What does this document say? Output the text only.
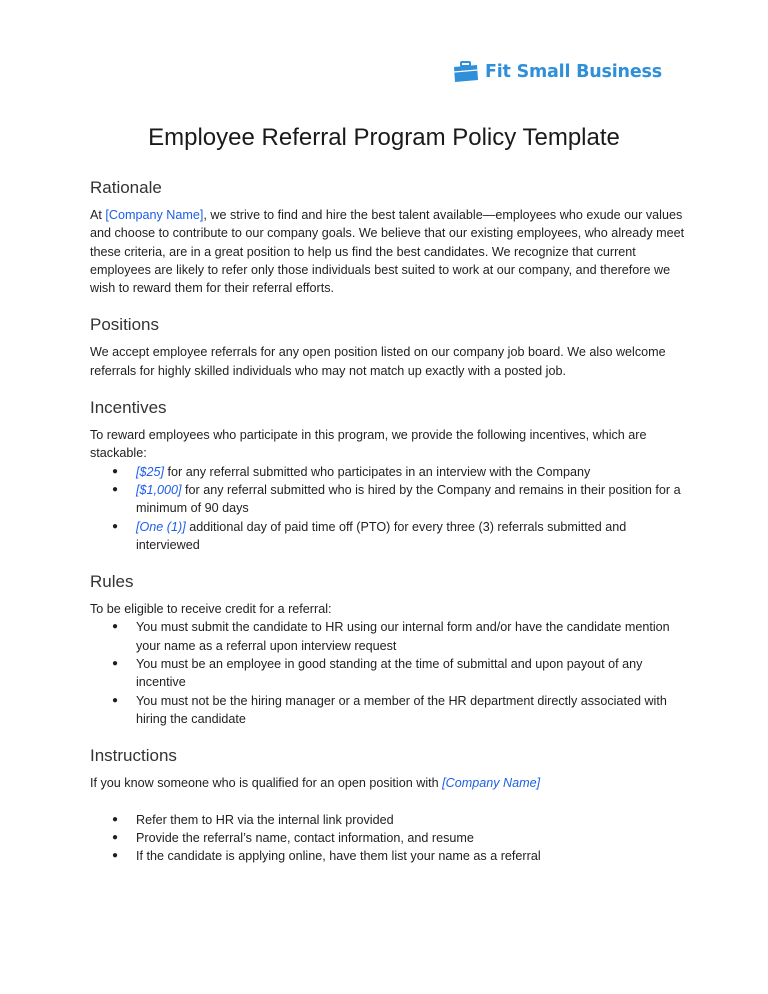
Fit Small Business
Employee Referral Program Policy Template
Rationale

At [Company Name], we strive to find and hire the best talent available—employees who exude our values and choose to contribute to our company goals. We believe that our existing employees, who already meet these criteria, are in a great position to help us find the best candidates. We recognize that current employees are likely to refer only those individuals best suited to work at our company, and therefore we wish to reward them for their referral efforts.

Positions

We accept employee referrals for any open position listed on our company job board. We also welcome referrals for highly skilled individuals who may not match up exactly with a posted job.

Incentives

To reward employees who participate in this program, we provide the following incentives, which are stackable:

● [$25] for any referral submitted who participates in an interview with the Company
● [$1,000] for any referral submitted who is hired by the Company and remains in their position for a minimum of 90 days
● [One (1)] additional day of paid time off (PTO) for every three (3) referrals submitted and interviewed
Rules

To be eligible to receive credit for a referral:

● You must submit the candidate to HR using our internal form and/or have the candidate mention your name as a referral upon interview request
● You must be an employee in good standing at the time of submittal and upon payout of any incentive
● You must not be the hiring manager or a member of the HR department directly associated with hiring the candidate
Instructions

If you know someone who is qualified for an open position with [Company Name]

● Refer them to HR via the internal link provided
● Provide the referral’s name, contact information, and resume
● If the candidate is applying online, have them list your name as a referral
